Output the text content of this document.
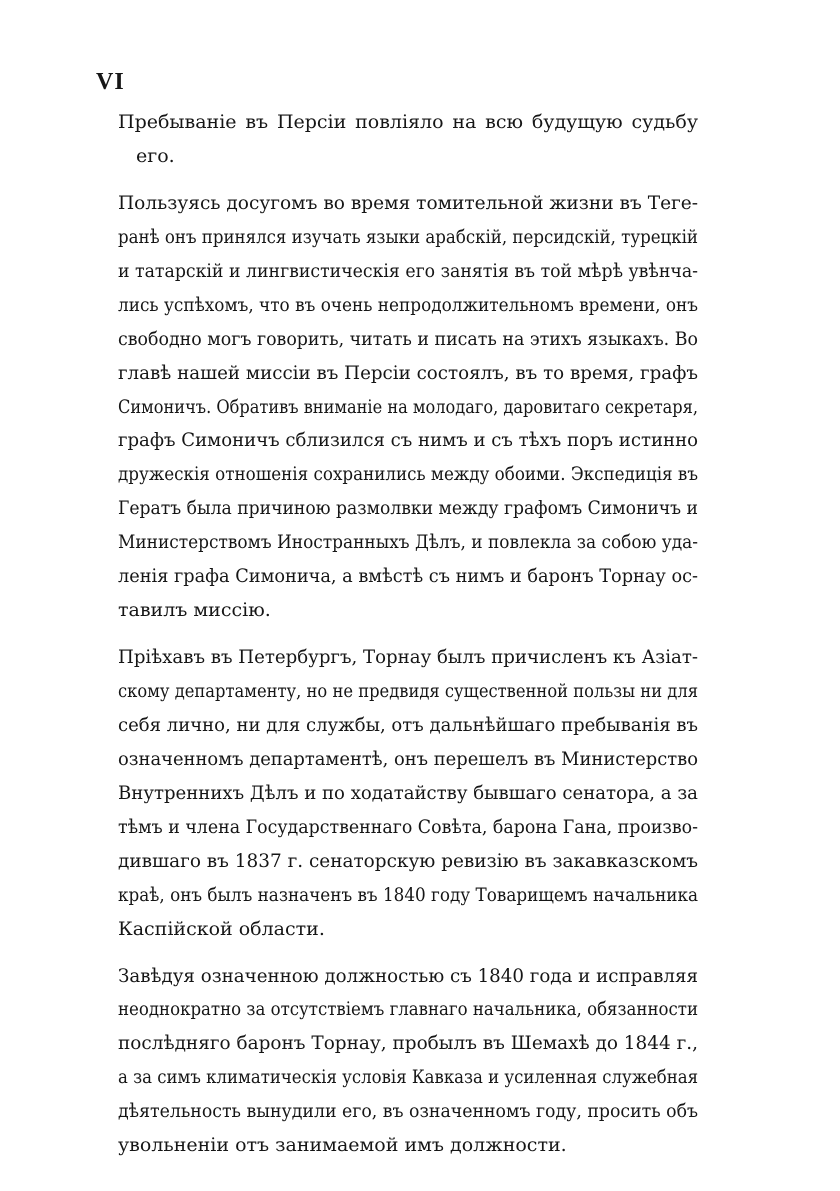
VI
Пребываніе въ Персіи повліяло на всю будущую судьбу
его.
Пользуясь досугомъ во время томительной жизни въ Теге-
ранѣ онъ принялся изучать языки арабскій, персидскій, турецкій
и татарскій и лингвистическія его занятія въ той мѣрѣ увѣнча-
лись успѣхомъ, что въ очень непродолжительномъ времени, онъ
свободно могъ говорить, читать и писать на этихъ языкахъ. Во
главѣ нашей миссіи въ Персіи состоялъ, въ то время, графъ
Симоничъ. Обративъ вниманіе на молодаго, даровитаго секретаря,
графъ Симоничъ сблизился съ нимъ и съ тѣхъ поръ истинно
дружескія отношенія сохранились между обоими. Экспедиція въ
Гератъ была причиною размолвки между графомъ Симоничъ и
Министерствомъ Иностранныхъ Дѣлъ, и повлекла за собою уда-
ленія графа Симонича, а вмѣстѣ съ нимъ и баронъ Торнау ос-
тавилъ миссію.
Пріѣхавъ въ Петербургъ, Торнау былъ причисленъ къ Азіат-
скому департаменту, но не предвидя существенной пользы ни для
себя лично, ни для службы, отъ дальнѣйшаго пребыванія въ
означенномъ департаментѣ, онъ перешелъ въ Министерство
Внутреннихъ Дѣлъ и по ходатайству бывшаго сенатора, а за
тѣмъ и члена Государственнаго Совѣта, барона Гана, произво-
дившаго въ 1837 г. сенаторскую ревизію въ закавказскомъ
краѣ, онъ былъ назначенъ въ 1840 году Товарищемъ начальника
Каспійской области.
Завѣдуя означенною должностью съ 1840 года и исправляя
неоднократно за отсутствіемъ главнаго начальника, обязанности
послѣдняго баронъ Торнау, пробылъ въ Шемахѣ до 1844 г.,
а за симъ климатическія условія Кавказа и усиленная служебная
дѣятельность вынудили его, въ означенномъ году, просить объ
увольненіи отъ занимаемой имъ должности.
